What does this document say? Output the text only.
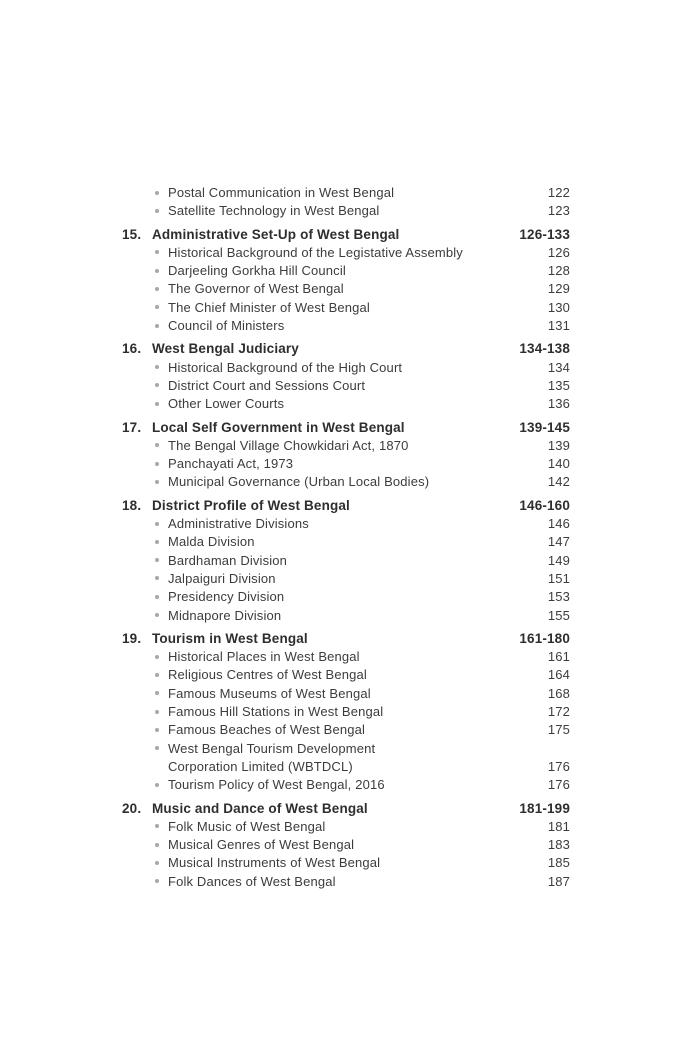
Postal Communication in West Bengal	122
Satellite Technology in West Bengal	123
15. Administrative Set-Up of West Bengal	126-133
Historical Background of the Legistative Assembly	126
Darjeeling Gorkha Hill Council	128
The Governor of West Bengal	129
The Chief Minister of West Bengal	130
Council of Ministers	131
16. West Bengal Judiciary	134-138
Historical Background of the High Court	134
District Court and Sessions Court	135
Other Lower Courts	136
17. Local Self Government in West Bengal	139-145
The Bengal Village Chowkidari Act, 1870	139
Panchayati Act, 1973	140
Municipal Governance (Urban Local Bodies)	142
18. District Profile of West Bengal	146-160
Administrative Divisions	146
Malda Division	147
Bardhaman Division	149
Jalpaiguri Division	151
Presidency Division	153
Midnapore Division	155
19. Tourism in West Bengal	161-180
Historical Places in West Bengal	161
Religious Centres of West Bengal	164
Famous Museums of West Bengal	168
Famous Hill Stations in West Bengal	172
Famous Beaches of West Bengal	175
West Bengal Tourism Development
Corporation Limited (WBTDCL)	176
Tourism Policy of West Bengal, 2016	176
20. Music and Dance of West Bengal	181-199
Folk Music of West Bengal	181
Musical Genres of West Bengal	183
Musical Instruments of West Bengal	185
Folk Dances of West Bengal	187
